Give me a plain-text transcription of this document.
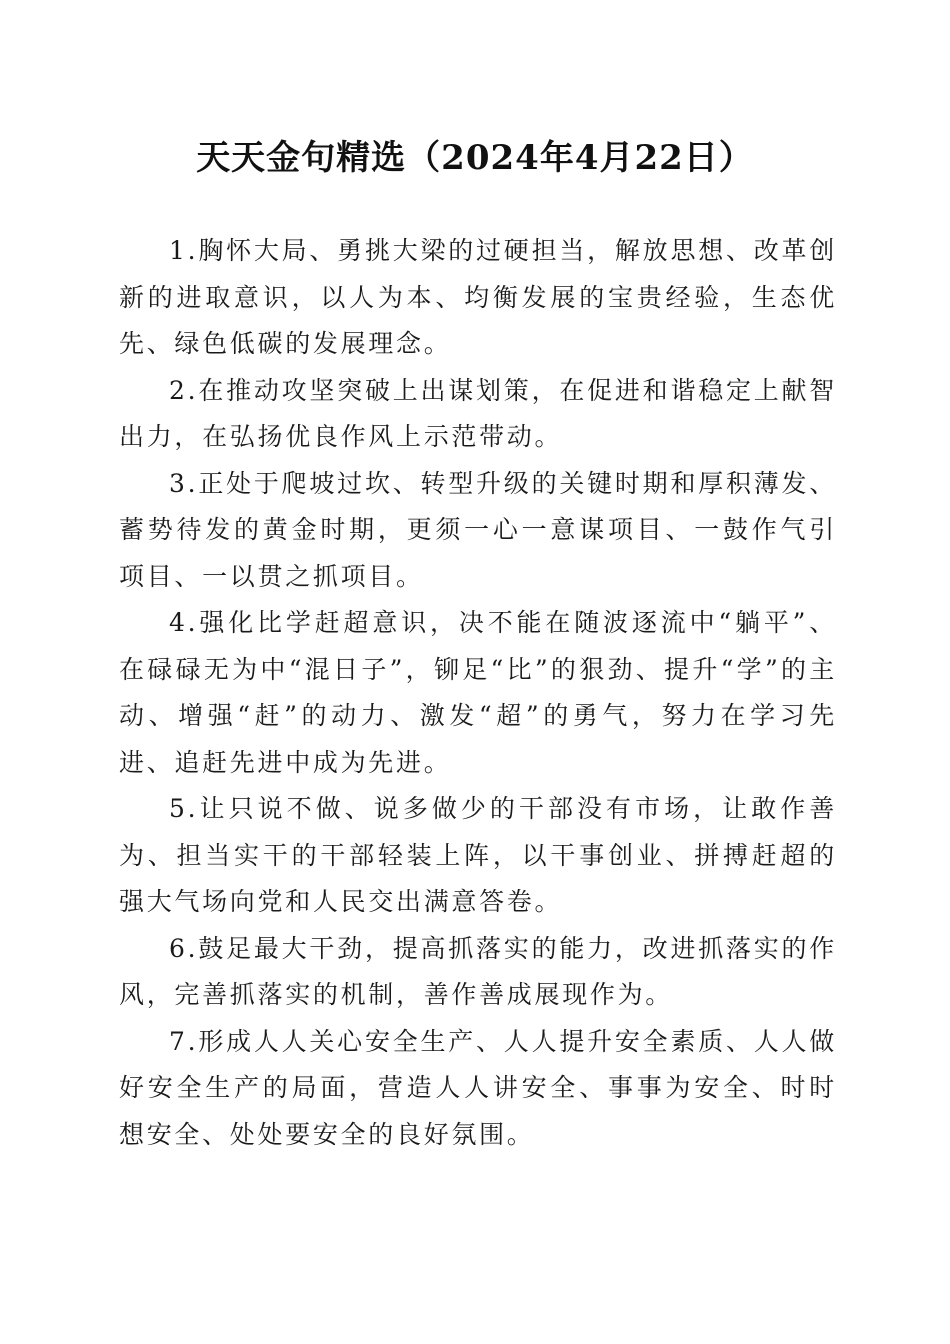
天天金句精选（2024年4月22日）

1.胸怀大局、勇挑大梁的过硬担当，解放思想、改革创新的进取意识，以人为本、均衡发展的宝贵经验，生态优先、绿色低碳的发展理念。

2.在推动攻坚突破上出谋划策，在促进和谐稳定上献智出力，在弘扬优良作风上示范带动。

3.正处于爬坡过坎、转型升级的关键时期和厚积薄发、蓄势待发的黄金时期，更须一心一意谋项目、一鼓作气引项目、一以贯之抓项目。

4.强化比学赶超意识，决不能在随波逐流中“躺平”、在碌碌无为中“混日子”，铆足“比”的狠劲、提升“学”的主动、增强“赶”的动力、激发“超”的勇气，努力在学习先进、追赶先进中成为先进。

5.让只说不做、说多做少的干部没有市场，让敢作善为、担当实干的干部轻装上阵，以干事创业、拼搏赶超的强大气场向党和人民交出满意答卷。

6.鼓足最大干劲，提高抓落实的能力，改进抓落实的作风，完善抓落实的机制，善作善成展现作为。

7.形成人人关心安全生产、人人提升安全素质、人人做好安全生产的局面，营造人人讲安全、事事为安全、时时想安全、处处要安全的良好氛围。
